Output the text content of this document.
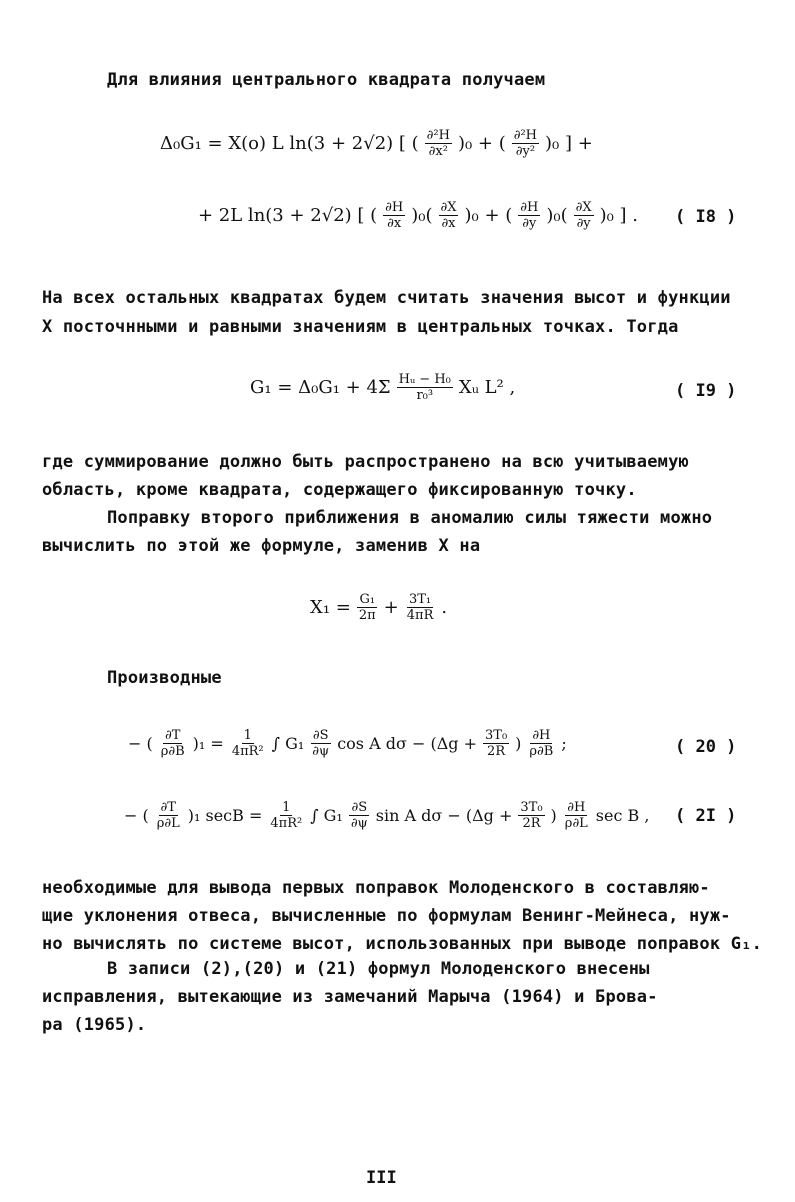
Для влияния центрального квадрата получаем
Δ₀G₁ = Χ(o) L ln(3 + 2√2) [ ( $\frac{\text{∂²H}}{\text{∂x²}} )_0$ + ( $\frac{\text{∂²H}}{\text{∂y²}} )_0$ ] +
+ 2L ln(3 + 2√2) [ ( $\frac{\partial H}{\partial x} )_0( \frac{\partial X}{\partial x} )_0$ + ( $\frac{\partial H}{\partial y} )_0( \frac{\partial X}{\partial y} )_0$ ] . ( I8 )
На всех остальных квадратах будем считать значения высот и функции
Х посточнными и равными значениям в центральных точках. Тогда
$G_1 = \Delta_0G_1 + 4\Sigma \frac{\text{Hᵤ − H₀}}{\text{r₀³}}$ Χᵤ L² ,	( I9 )
где суммирование должно быть распространено на всю учитываемую
область, кроме квадрата, содержащего фиксированную точку.
Поправку второго приближения в аномалию силы тяжести можно
вычислить по этой же формуле, заменив Х на
$X_1 = \frac{\text{G₁}}{2\pi} + \frac{\text{3T₁}}{4\pi R}$ .
Производные
− ( $\frac{\partial T}{\rho\partial B} )_1 = \frac{1}{\text{4πR²}}$ ∫ $G_1 \frac{\partial S}{\partial\psi}$ cos A $d\sigma - (\Delta g + \frac{\text{3T₀}}{2R}$ ) $\frac{\partial H}{\rho\partial B}$ ;	( 20 )
− ( $\frac{\partial T}{\rho\partial L} )_1$ $\sec B = \frac{1}{\text{4πR²}}$ ∫ $G_1 \frac{\partial S}{\partial\psi}$ sin A $d\sigma - (\Delta g + \frac{\text{3T₀}}{2R}$ ) $\frac{\partial H}{\rho\partial L}$ sec B , ( 2I )
необходимые для вывода первых поправок Молоденского в составляю-
щие уклонения отвеса, вычисленные по формулам Венинг-Мейнеса, нуж-
но вычислять по системе высот, использованных при выводе поправок G₁.
В записи (2),(20) и (21) формул Молоденского внесены
исправления, вытекающие из замечаний Марыча (1964) и Брова-
ра (1965).
III
